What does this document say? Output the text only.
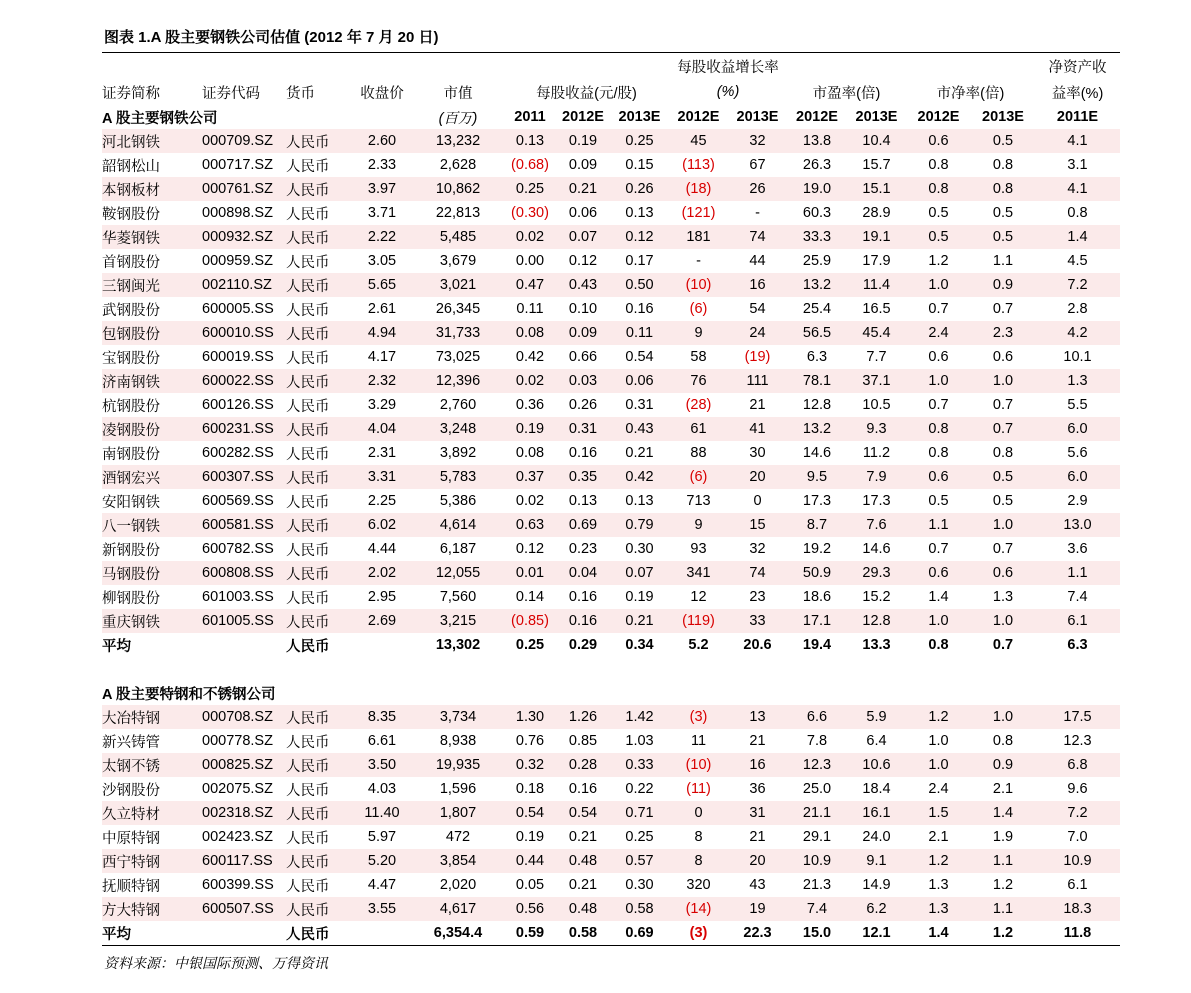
图表 1.A 股主要钢铁公司估值 (2012 年 7 月 20 日)
								每股收益增长率						净资产收
证券简称	证券代码	货币	收盘价	市值	每股收益(元/股)			(%)		市盈率(倍)		市净率(倍)		益率(%)
A 股主要钢铁公司				(百万)	2011	2012E	2013E	2012E	2013E	2012E	2013E	2012E	2013E	2011E
河北钢铁	000709.SZ	人民币	2.60	13,232	0.13	0.19	0.25	45	32	13.8	10.4	0.6	0.5	4.1
韶钢松山	000717.SZ	人民币	2.33	2,628	(0.68)	0.09	0.15	(113)	67	26.3	15.7	0.8	0.8	3.1
本钢板材	000761.SZ	人民币	3.97	10,862	0.25	0.21	0.26	(18)	26	19.0	15.1	0.8	0.8	4.1
鞍钢股份	000898.SZ	人民币	3.71	22,813	(0.30)	0.06	0.13	(121)	-	60.3	28.9	0.5	0.5	0.8
华菱钢铁	000932.SZ	人民币	2.22	5,485	0.02	0.07	0.12	181	74	33.3	19.1	0.5	0.5	1.4
首钢股份	000959.SZ	人民币	3.05	3,679	0.00	0.12	0.17	-	44	25.9	17.9	1.2	1.1	4.5
三钢闽光	002110.SZ	人民币	5.65	3,021	0.47	0.43	0.50	(10)	16	13.2	11.4	1.0	0.9	7.2
武钢股份	600005.SS	人民币	2.61	26,345	0.11	0.10	0.16	(6)	54	25.4	16.5	0.7	0.7	2.8
包钢股份	600010.SS	人民币	4.94	31,733	0.08	0.09	0.11	9	24	56.5	45.4	2.4	2.3	4.2
宝钢股份	600019.SS	人民币	4.17	73,025	0.42	0.66	0.54	58	(19)	6.3	7.7	0.6	0.6	10.1
济南钢铁	600022.SS	人民币	2.32	12,396	0.02	0.03	0.06	76	111	78.1	37.1	1.0	1.0	1.3
杭钢股份	600126.SS	人民币	3.29	2,760	0.36	0.26	0.31	(28)	21	12.8	10.5	0.7	0.7	5.5
凌钢股份	600231.SS	人民币	4.04	3,248	0.19	0.31	0.43	61	41	13.2	9.3	0.8	0.7	6.0
南钢股份	600282.SS	人民币	2.31	3,892	0.08	0.16	0.21	88	30	14.6	11.2	0.8	0.8	5.6
酒钢宏兴	600307.SS	人民币	3.31	5,783	0.37	0.35	0.42	(6)	20	9.5	7.9	0.6	0.5	6.0
安阳钢铁	600569.SS	人民币	2.25	5,386	0.02	0.13	0.13	713	0	17.3	17.3	0.5	0.5	2.9
八一钢铁	600581.SS	人民币	6.02	4,614	0.63	0.69	0.79	9	15	8.7	7.6	1.1	1.0	13.0
新钢股份	600782.SS	人民币	4.44	6,187	0.12	0.23	0.30	93	32	19.2	14.6	0.7	0.7	3.6
马钢股份	600808.SS	人民币	2.02	12,055	0.01	0.04	0.07	341	74	50.9	29.3	0.6	0.6	1.1
柳钢股份	601003.SS	人民币	2.95	7,560	0.14	0.16	0.19	12	23	18.6	15.2	1.4	1.3	7.4
重庆钢铁	601005.SS	人民币	2.69	3,215	(0.85)	0.16	0.21	(119)	33	17.1	12.8	1.0	1.0	6.1
平均		人民币		13,302	0.25	0.29	0.34	5.2	20.6	19.4	13.3	0.8	0.7	6.3

A 股主要特钢和不锈钢公司														
大冶特钢	000708.SZ	人民币	8.35	3,734	1.30	1.26	1.42	(3)	13	6.6	5.9	1.2	1.0	17.5
新兴铸管	000778.SZ	人民币	6.61	8,938	0.76	0.85	1.03	11	21	7.8	6.4	1.0	0.8	12.3
太钢不锈	000825.SZ	人民币	3.50	19,935	0.32	0.28	0.33	(10)	16	12.3	10.6	1.0	0.9	6.8
沙钢股份	002075.SZ	人民币	4.03	1,596	0.18	0.16	0.22	(11)	36	25.0	18.4	2.4	2.1	9.6
久立特材	002318.SZ	人民币	11.40	1,807	0.54	0.54	0.71	0	31	21.1	16.1	1.5	1.4	7.2
中原特钢	002423.SZ	人民币	5.97	472	0.19	0.21	0.25	8	21	29.1	24.0	2.1	1.9	7.0
西宁特钢	600117.SS	人民币	5.20	3,854	0.44	0.48	0.57	8	20	10.9	9.1	1.2	1.1	10.9
抚顺特钢	600399.SS	人民币	4.47	2,020	0.05	0.21	0.30	320	43	21.3	14.9	1.3	1.2	6.1
方大特钢	600507.SS	人民币	3.55	4,617	0.56	0.48	0.58	(14)	19	7.4	6.2	1.3	1.1	18.3
平均		人民币		6,354.4	0.59	0.58	0.69	(3)	22.3	15.0	12.1	1.4	1.2	11.8
资料来源：中银国际预测、万得资讯
